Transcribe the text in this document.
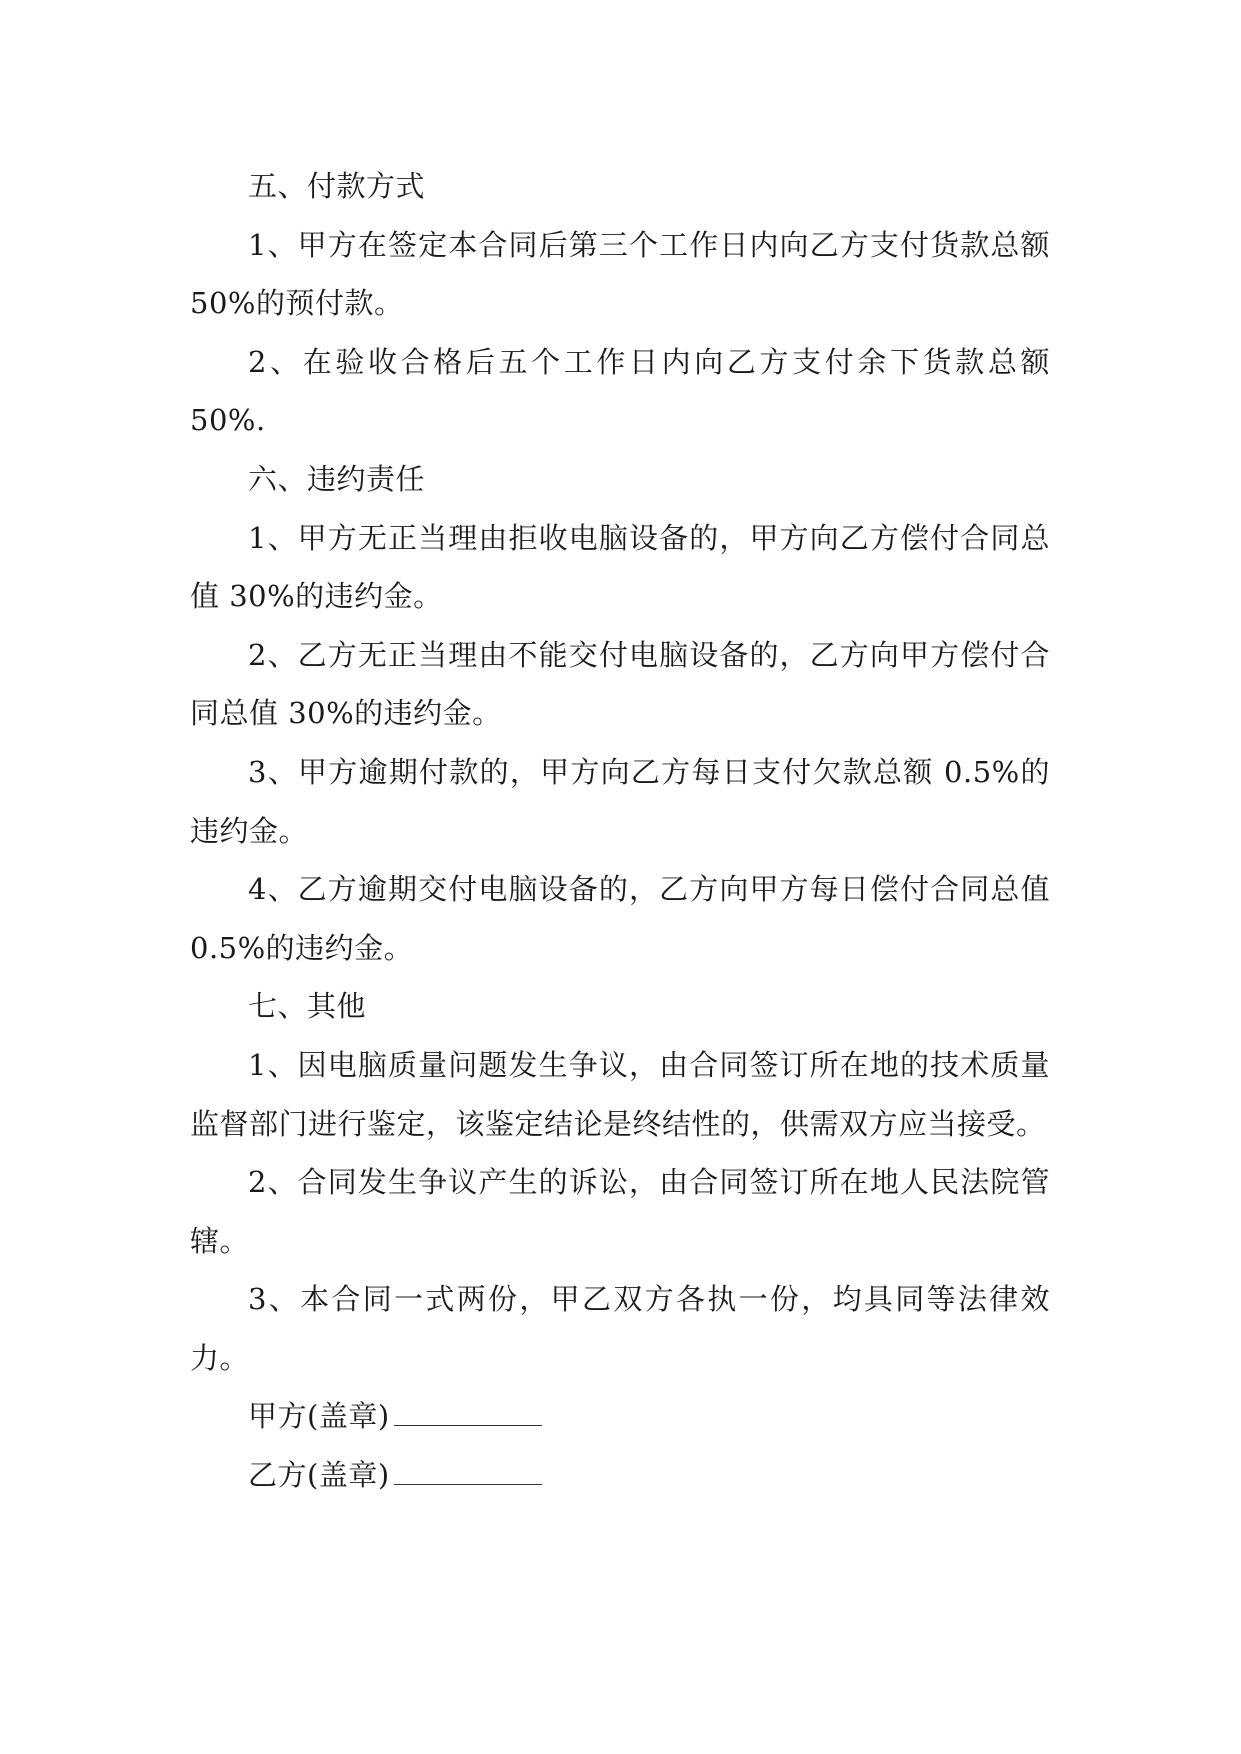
五、付款方式

1、甲方在签定本合同后第三个工作日内向乙方支付货款总额 50%的预付款。

2、在验收合格后五个工作日内向乙方支付余下货款总额 50%.

六、违约责任

1、甲方无正当理由拒收电脑设备的，甲方向乙方偿付合同总值 30%的违约金。

2、乙方无正当理由不能交付电脑设备的，乙方向甲方偿付合同总值 30%的违约金。

3、甲方逾期付款的，甲方向乙方每日支付欠款总额 0.5%的违约金。

4、乙方逾期交付电脑设备的，乙方向甲方每日偿付合同总值 0.5%的违约金。

七、其他

1、因电脑质量问题发生争议，由合同签订所在地的技术质量监督部门进行鉴定，该鉴定结论是终结性的，供需双方应当接受。

2、合同发生争议产生的诉讼，由合同签订所在地人民法院管辖。

3、本合同一式两份，甲乙双方各执一份，均具同等法律效力。

甲方(盖章)

乙方(盖章)
